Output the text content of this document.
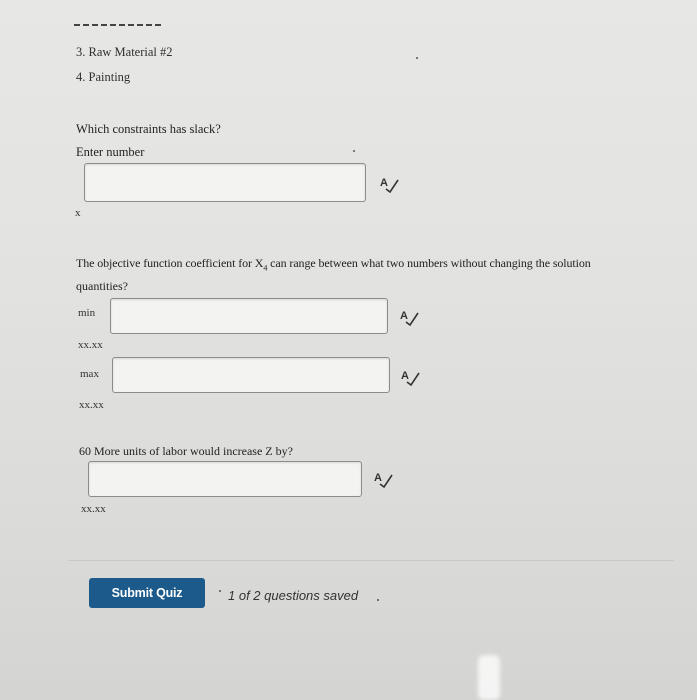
3. Raw Material #2
4. Painting
Which constraints has slack?
Enter number
A
x
The objective function coefficient for $X_4$ can range between what two numbers without changing the solution
quantities?
min	A
xx.xx
max	A
xx.xx
60 More units of labor would increase Z by?
A
xx.xx
Submit Quiz	1 of 2 questions saved
